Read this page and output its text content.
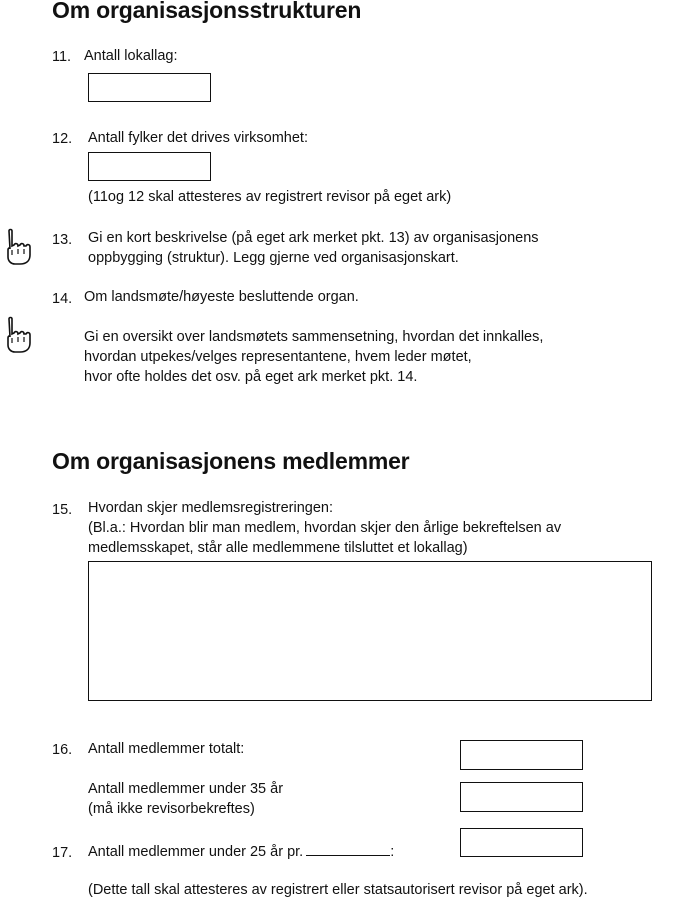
Om organisasjonsstrukturen
11. Antall lokallag:
12. Antall fylker det drives virksomhet:
(11og 12 skal attesteres av registrert revisor på eget ark)
13. Gi en kort beskrivelse (på eget ark merket pkt. 13) av organisasjonens
oppbygging (struktur). Legg gjerne ved organisasjonskart.
14. Om landsmøte/høyeste besluttende organ.
Gi en oversikt over landsmøtets sammensetning, hvordan det innkalles,
hvordan utpekes/velges representantene, hvem leder møtet,
hvor ofte holdes det osv. på eget ark merket pkt. 14.
Om organisasjonens medlemmer
15. Hvordan skjer medlemsregistreringen:
(Bl.a.: Hvordan blir man medlem, hvordan skjer den årlige bekreftelsen av
medlemsskapet, står alle medlemmene tilsluttet et lokallag)
16. Antall medlemmer totalt:
Antall medlemmer under 35 år
(må ikke revisorbekreftes)
17. Antall medlemmer under 25 år pr.	:
(Dette tall skal attesteres av registrert eller statsautorisert revisor på eget ark).
